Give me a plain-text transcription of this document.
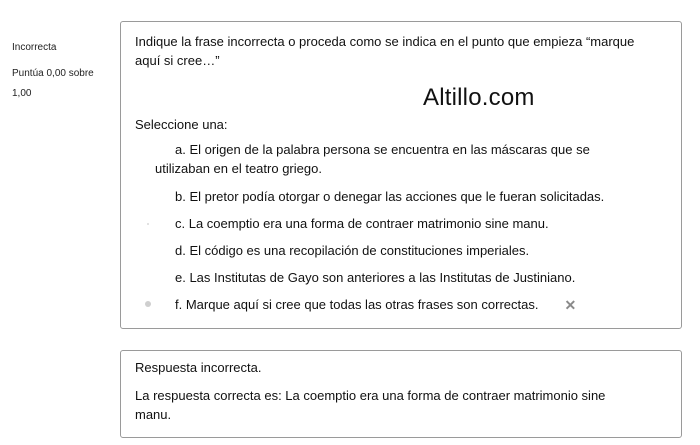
Incorrecta
Puntúa 0,00 sobre 1,00
Indique la frase incorrecta o proceda como se indica en el punto que empieza “marque aquí si cree…”
Altillo.com
Seleccione una:
a. El origen de la palabra persona se encuentra en las máscaras que se utilizaban en el teatro griego.
b. El pretor podía otorgar o denegar las acciones que le fueran solicitadas.
c. La coemptio era una forma de contraer matrimonio sine manu.
d. El código es una recopilación de constituciones imperiales.
e. Las Institutas de Gayo son anteriores a las Institutas de Justiniano.
f. Marque aquí si cree que todas las otras frases son correctas. ✕
Respuesta incorrecta.
La respuesta correcta es: La coemptio era una forma de contraer matrimonio sine manu.
